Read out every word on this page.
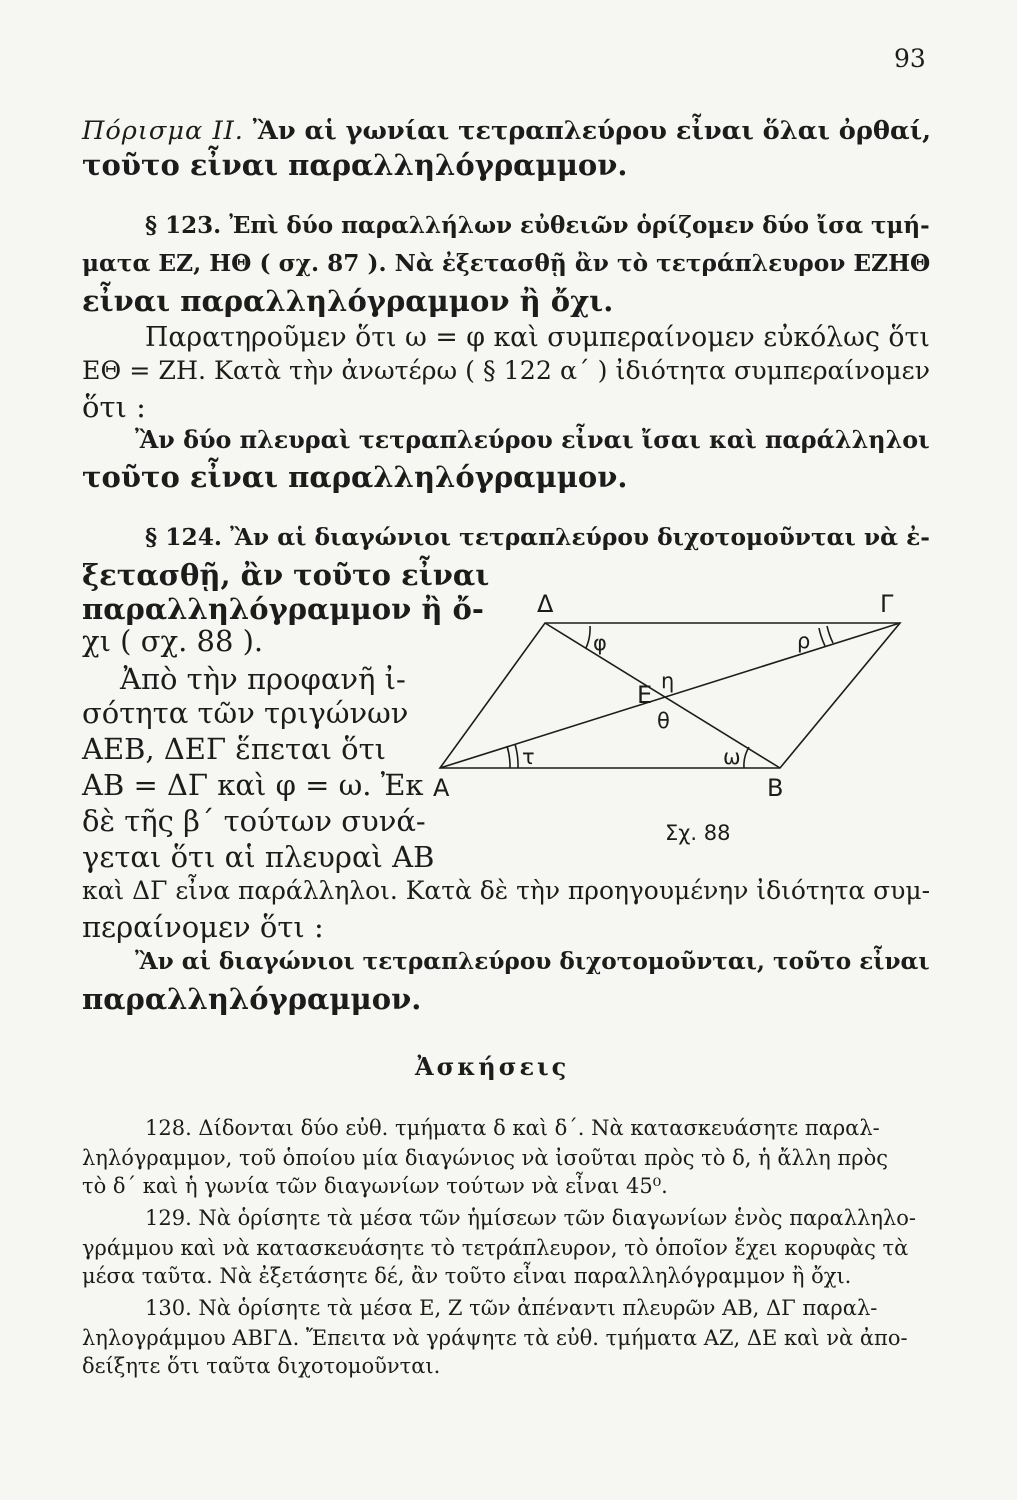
93
Πόρισμα ΙΙ. Ἂν αἱ γωνίαι τετραπλεύρου εἶναι ὅλαι ὀρθαί,
τοῦτο εἶναι παραλληλόγραμμον.
§ 123. Ἐπὶ δύο παραλλήλων εὐθειῶν ὁρίζομεν δύο ἴσα τμή-
ματα ΕΖ, ΗΘ ( σχ. 87 ). Νὰ ἐξετασθῇ ἂν τὸ τετράπλευρον ΕΖΗΘ
εἶναι παραλληλόγραμμον ἢ ὄχι.
Παρατηροῦμεν ὅτι ω = φ καὶ συμπεραίνομεν εὐκόλως ὅτι
ΕΘ = ΖΗ. Κατὰ τὴν ἀνωτέρω ( § 122 α΄ ) ἰδιότητα συμπεραίνομεν
ὅτι :
Ἂν δύο πλευραὶ τετραπλεύρου εἶναι ἴσαι καὶ παράλληλοι
τοῦτο εἶναι παραλληλόγραμμον.
§ 124. Ἂν αἱ διαγώνιοι τετραπλεύρου διχοτομοῦνται νὰ ἐ-
ξετασθῇ, ἂν τοῦτο εἶναι
παραλληλόγραμμον ἢ ὄ-
χι ( σχ. 88 ).
Ἀπὸ τὴν προφανῆ ἰ-
σότητα τῶν τριγώνων
ΑΕΒ, ΔΕΓ ἕπεται ὅτι
ΑΒ = ΔΓ καὶ φ = ω. Ἐκ
δὲ τῆς β΄ τούτων συνά-
γεται ὅτι αἱ πλευραὶ ΑΒ
καὶ ΔΓ εἶνα παράλληλοι. Κατὰ δὲ τὴν προηγουμένην ἰδιότητα συμ-
περαίνομεν ὅτι :
Ἂν αἱ διαγώνιοι τετραπλεύρου διχοτομοῦνται, τοῦτο εἶναι
παραλληλόγραμμον.
Δ	Γ
Α	Β
Ε
φ	ρ
η
θ
τ	ω
Σχ. 88
Ἀσκήσεις
128. Δίδονται δύο εὐθ. τμήματα δ καὶ δ΄. Νὰ κατασκευάσητε παραλ-
ληλόγραμμον, τοῦ ὁποίου μία διαγώνιος νὰ ἰσοῦται πρὸς τὸ δ, ἡ ἄλλη πρὸς
τὸ δ΄ καὶ ἡ γωνία τῶν διαγωνίων τούτων νὰ εἶναι 45⁰.
129. Νὰ ὁρίσητε τὰ μέσα τῶν ἡμίσεων τῶν διαγωνίων ἑνὸς παραλληλο-
γράμμου καὶ νὰ κατασκευάσητε τὸ τετράπλευρον, τὸ ὁποῖον ἔχει κορυφὰς τὰ
μέσα ταῦτα. Νὰ ἐξετάσητε δέ, ἂν τοῦτο εἶναι παραλληλόγραμμον ἢ ὄχι.
130. Νὰ ὁρίσητε τὰ μέσα Ε, Ζ τῶν ἀπέναντι πλευρῶν ΑΒ, ΔΓ παραλ-
ληλογράμμου ΑΒΓΔ. Ἔπειτα νὰ γράψητε τὰ εὐθ. τμήματα ΑΖ, ΔΕ καὶ νὰ ἀπο-
δείξητε ὅτι ταῦτα διχοτομοῦνται.
